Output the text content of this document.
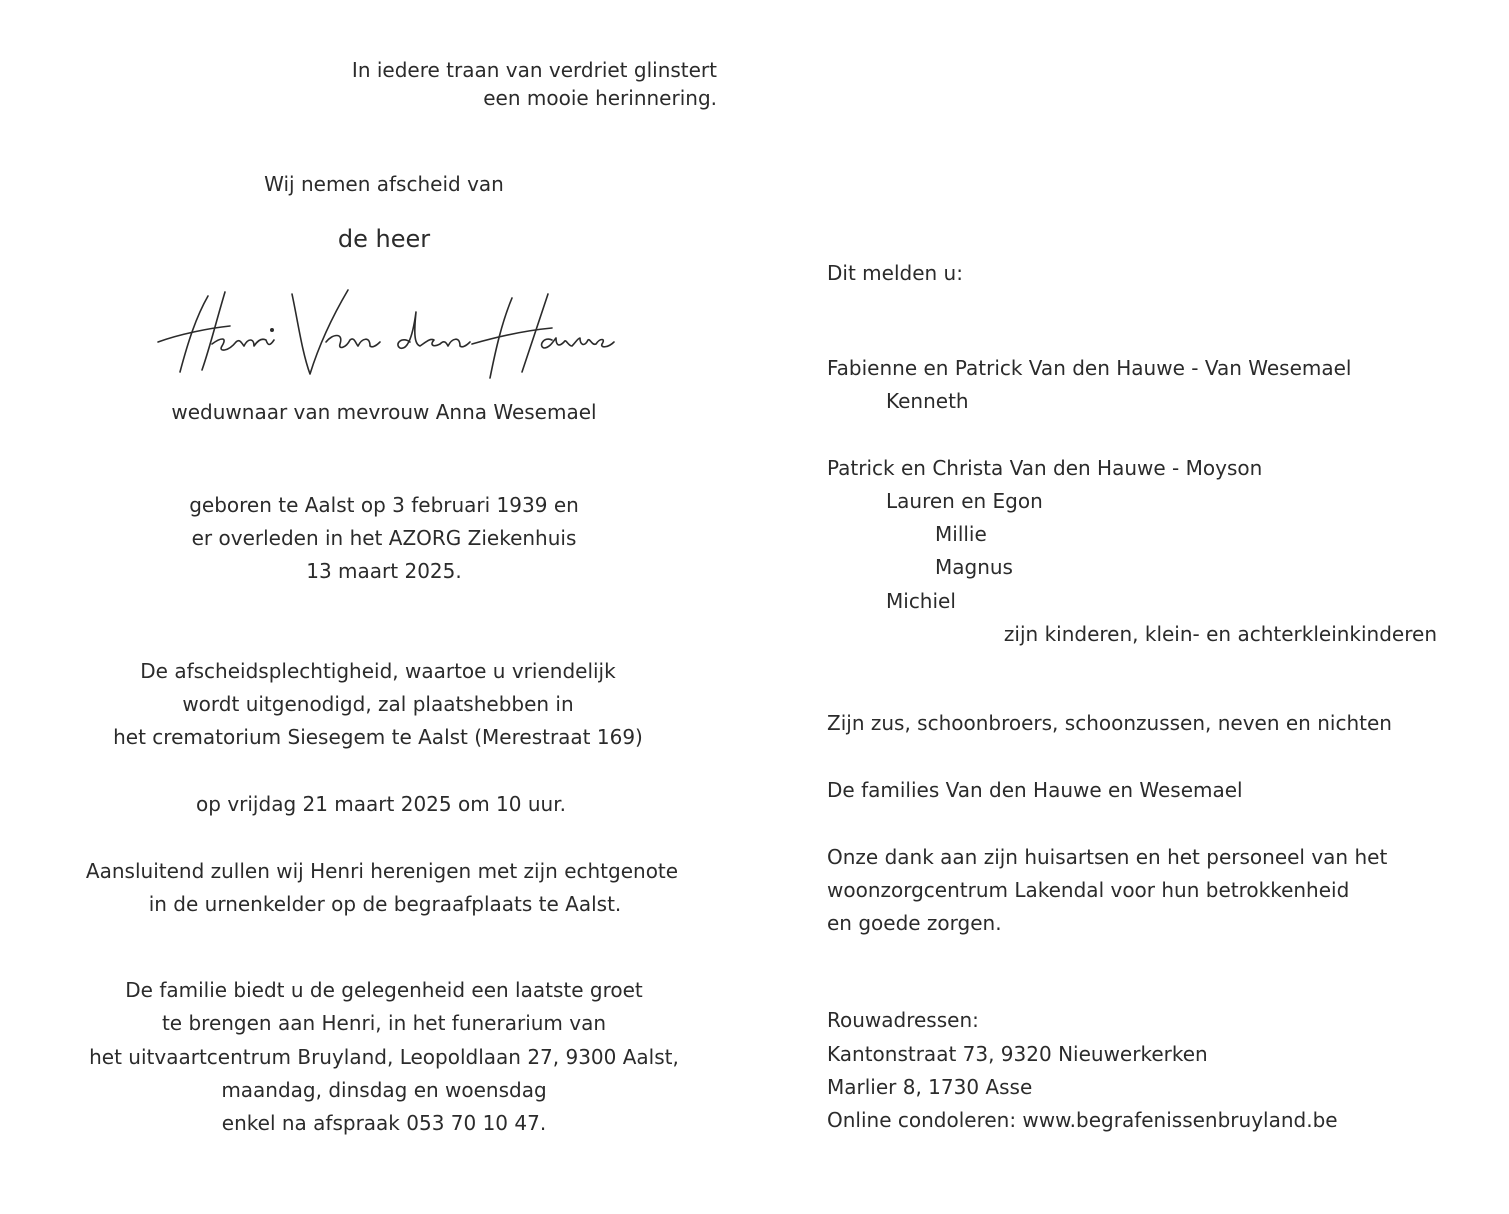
In iedere traan van verdriet glinstert
een mooie herinnering.
Wij nemen afscheid van
de heer
weduwnaar van mevrouw Anna Wesemael
geboren te Aalst op 3 februari 1939 en
er overleden in het AZORG Ziekenhuis
13 maart 2025.
De afscheidsplechtigheid, waartoe u vriendelijk
wordt uitgenodigd, zal plaatshebben in
het crematorium Siesegem te Aalst (Merestraat 169)
op vrijdag 21 maart 2025 om 10 uur.
Aansluitend zullen wij Henri herenigen met zijn echtgenote
in de urnenkelder op de begraafplaats te Aalst.
De familie biedt u de gelegenheid een laatste groet
te brengen aan Henri, in het funerarium van
het uitvaartcentrum Bruyland, Leopoldlaan 27, 9300 Aalst,
maandag, dinsdag en woensdag
enkel na afspraak 053 70 10 47.
Dit melden u:
Fabienne en Patrick Van den Hauwe - Van Wesemael
Kenneth
Patrick en Christa Van den Hauwe - Moyson
Lauren en Egon
Millie
Magnus
Michiel
zijn kinderen, klein- en achterkleinkinderen
Zijn zus, schoonbroers, schoonzussen, neven en nichten
De families Van den Hauwe en Wesemael
Onze dank aan zijn huisartsen en het personeel van het
woonzorgcentrum Lakendal voor hun betrokkenheid
en goede zorgen.
Rouwadressen:
Kantonstraat 73, 9320 Nieuwerkerken
Marlier 8, 1730 Asse
Online condoleren: www.begrafenissenbruyland.be
